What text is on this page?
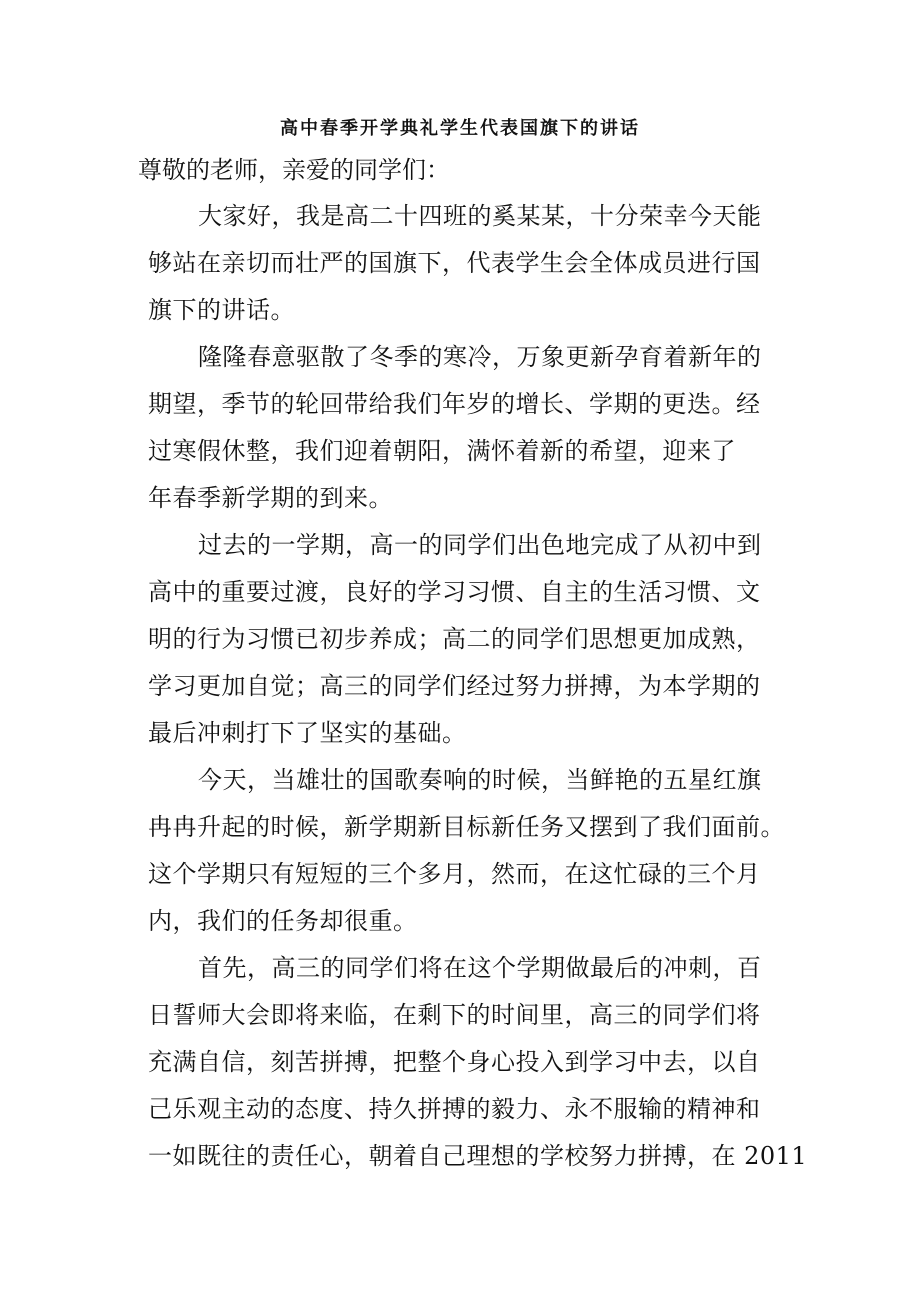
高中春季开学典礼学生代表国旗下的讲话
尊敬的老师，亲爱的同学们：
大家好，我是高二十四班的奚某某，十分荣幸今天能
够站在亲切而壮严的国旗下，代表学生会全体成员进行国
旗下的讲话。
隆隆春意驱散了冬季的寒冷，万象更新孕育着新年的
期望，季节的轮回带给我们年岁的增长、学期的更迭。经
过寒假休整，我们迎着朝阳，满怀着新的希望，迎来了
年春季新学期的到来。
过去的一学期，高一的同学们出色地完成了从初中到
高中的重要过渡，良好的学习习惯、自主的生活习惯、文
明的行为习惯已初步养成；高二的同学们思想更加成熟，
学习更加自觉；高三的同学们经过努力拼搏，为本学期的
最后冲刺打下了坚实的基础。
今天，当雄壮的国歌奏响的时候，当鲜艳的五星红旗
冉冉升起的时候，新学期新目标新任务又摆到了我们面前。
这个学期只有短短的三个多月，然而，在这忙碌的三个月
内，我们的任务却很重。
首先，高三的同学们将在这个学期做最后的冲刺，百
日誓师大会即将来临，在剩下的时间里，高三的同学们将
充满自信，刻苦拼搏，把整个身心投入到学习中去，以自
己乐观主动的态度、持久拼搏的毅力、永不服输的精神和
一如既往的责任心，朝着自己理想的学校努力拼搏，在 2011
